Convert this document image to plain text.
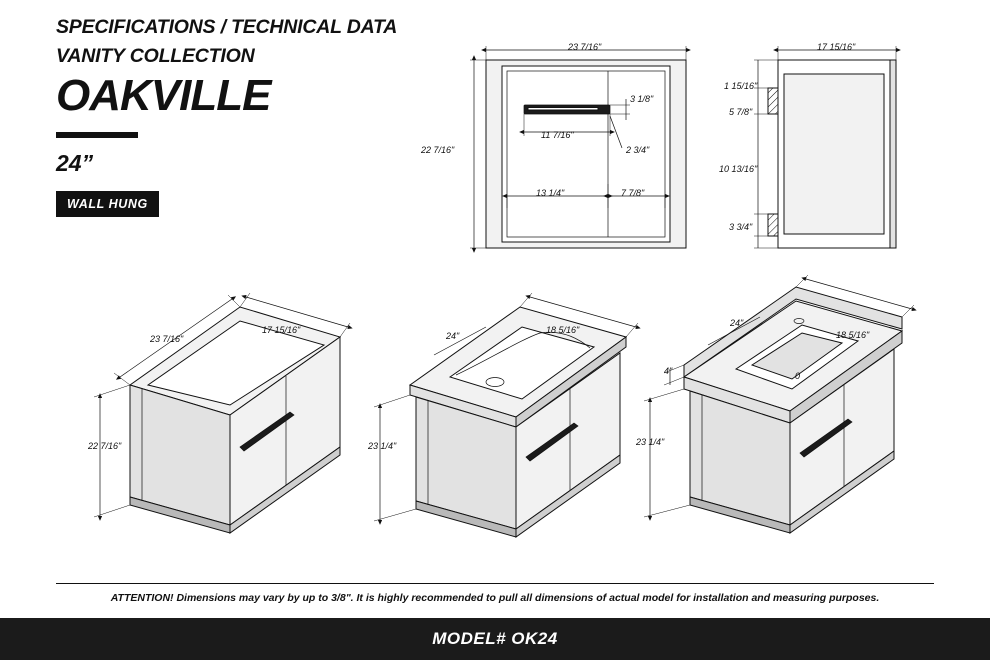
SPECIFICATIONS / TECHNICAL DATA
VANITY COLLECTION
OAKVILLE
24”
WALL HUNG
23 7/16"
22 7/16"
3 1/8"
11 7/16"
2 3/4"
13 1/4"	7 7/8"
17 15/16"
1 15/16"
5 7/8"
10 13/16"
3 3/4"
23 7/16"
17 15/16"
22 7/16"
18 5/16"
24"
23 1/4"
24"
18 5/16"
4"	0
23 1/4"
ATTENTION! Dimensions may vary by up to 3/8". It is highly recommended to pull all dimensions of actual model for installation and measuring purposes.
MODEL# OK24
